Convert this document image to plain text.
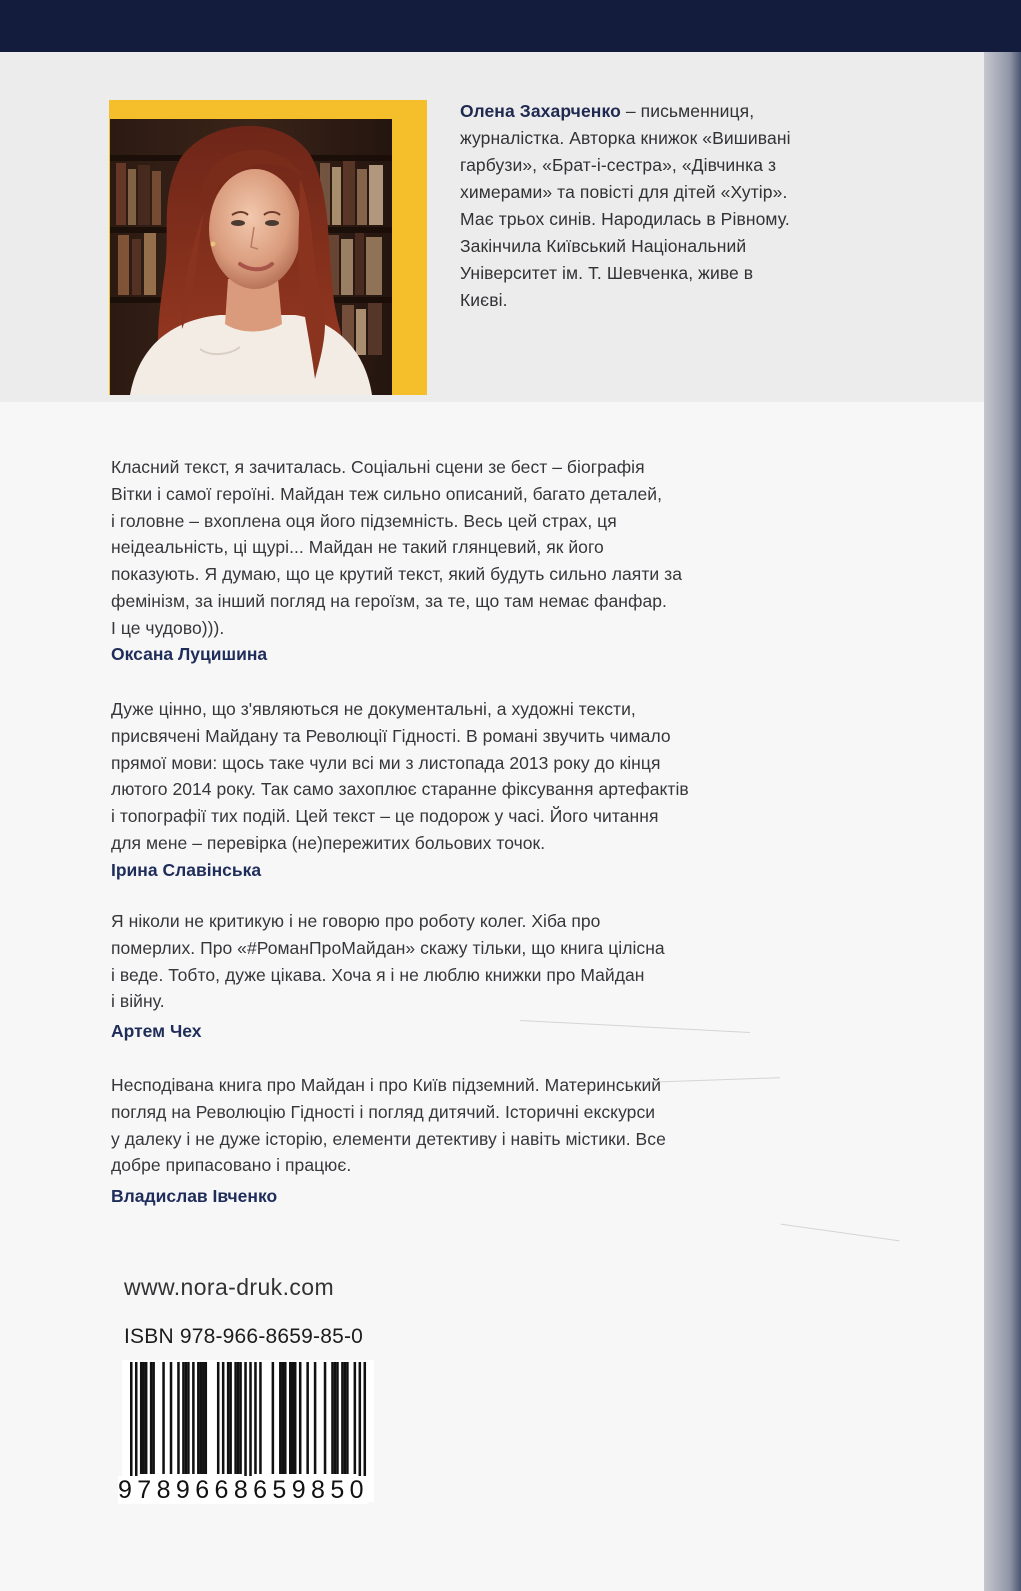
Олена Захарченко – письменниця,
журналістка. Авторка книжок «Вишивані
гарбузи», «Брат-і-сестра», «Дівчинка з
химерами» та повісті для дітей «Хутір».
Має трьох синів. Народилась в Рівному.
Закінчила Київський Національний
Університет ім. Т. Шевченка, живе в
Києві.

Класний текст, я зачиталась. Соціальні сцени зе бест – біографія
Вітки і самої героїні. Майдан теж сильно описаний, багато деталей,
і головне – вхоплена оця його підземність. Весь цей страх, ця
неідеальність, ці щурі... Майдан не такий глянцевий, як його
показують. Я думаю, що це крутий текст, який будуть сильно лаяти за
фемінізм, за інший погляд на героїзм, за те, що там немає фанфар.
І це чудово))).

Оксана Луцишина

Дуже цінно, що з'являються не документальні, а художні тексти,
присвячені Майдану та Революції Гідності. В романі звучить чимало
прямої мови: щось таке чули всі ми з листопада 2013 року до кінця
лютого 2014 року. Так само захоплює старанне фіксування артефактів
і топографії тих подій. Цей текст – це подорож у часі. Його читання
для мене – перевірка (не)пережитих больових точок.

Ірина Славінська

Я ніколи не критикую і не говорю про роботу колег. Хіба про
померлих. Про «#РоманПроМайдан» скажу тільки, що книга цілісна
і веде. Тобто, дуже цікава. Хоча я і не люблю книжки про Майдан
і війну.

Артем Чех

Несподівана книга про Майдан і про Київ підземний. Материнський
погляд на Революцію Гідності і погляд дитячий. Історичні екскурси
у далеку і не дуже історію, елементи детективу і навіть містики. Все
добре припасовано і працює.

Владислав Івченко

www.nora-druk.com
ISBN 978-966-8659-85-0
9789668659850
